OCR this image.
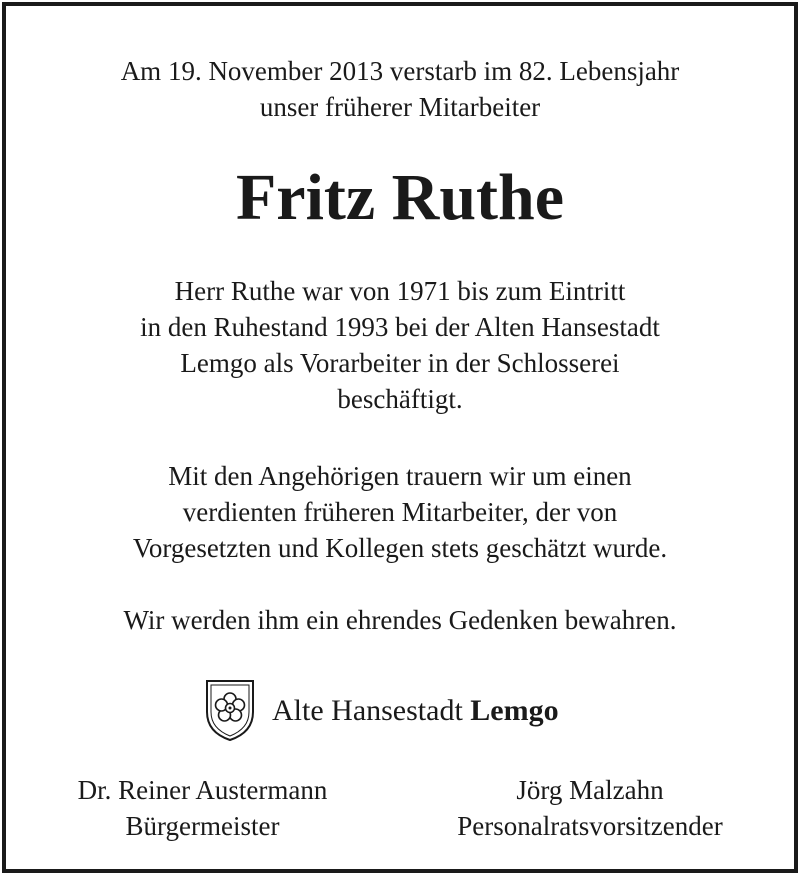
Am 19. November 2013 verstarb im 82. Lebensjahr
unser früherer Mitarbeiter
Fritz Ruthe
Herr Ruthe war von 1971 bis zum Eintritt
in den Ruhestand 1993 bei der Alten Hansestadt
Lemgo als Vorarbeiter in der Schlosserei
beschäftigt.
Mit den Angehörigen trauern wir um einen
verdienten früheren Mitarbeiter, der von
Vorgesetzten und Kollegen stets geschätzt wurde.
Wir werden ihm ein ehrendes Gedenken bewahren.
Alte Hansestadt Lemgo
Dr. Reiner Austermann
Bürgermeister
Jörg Malzahn
Personalratsvorsitzender
